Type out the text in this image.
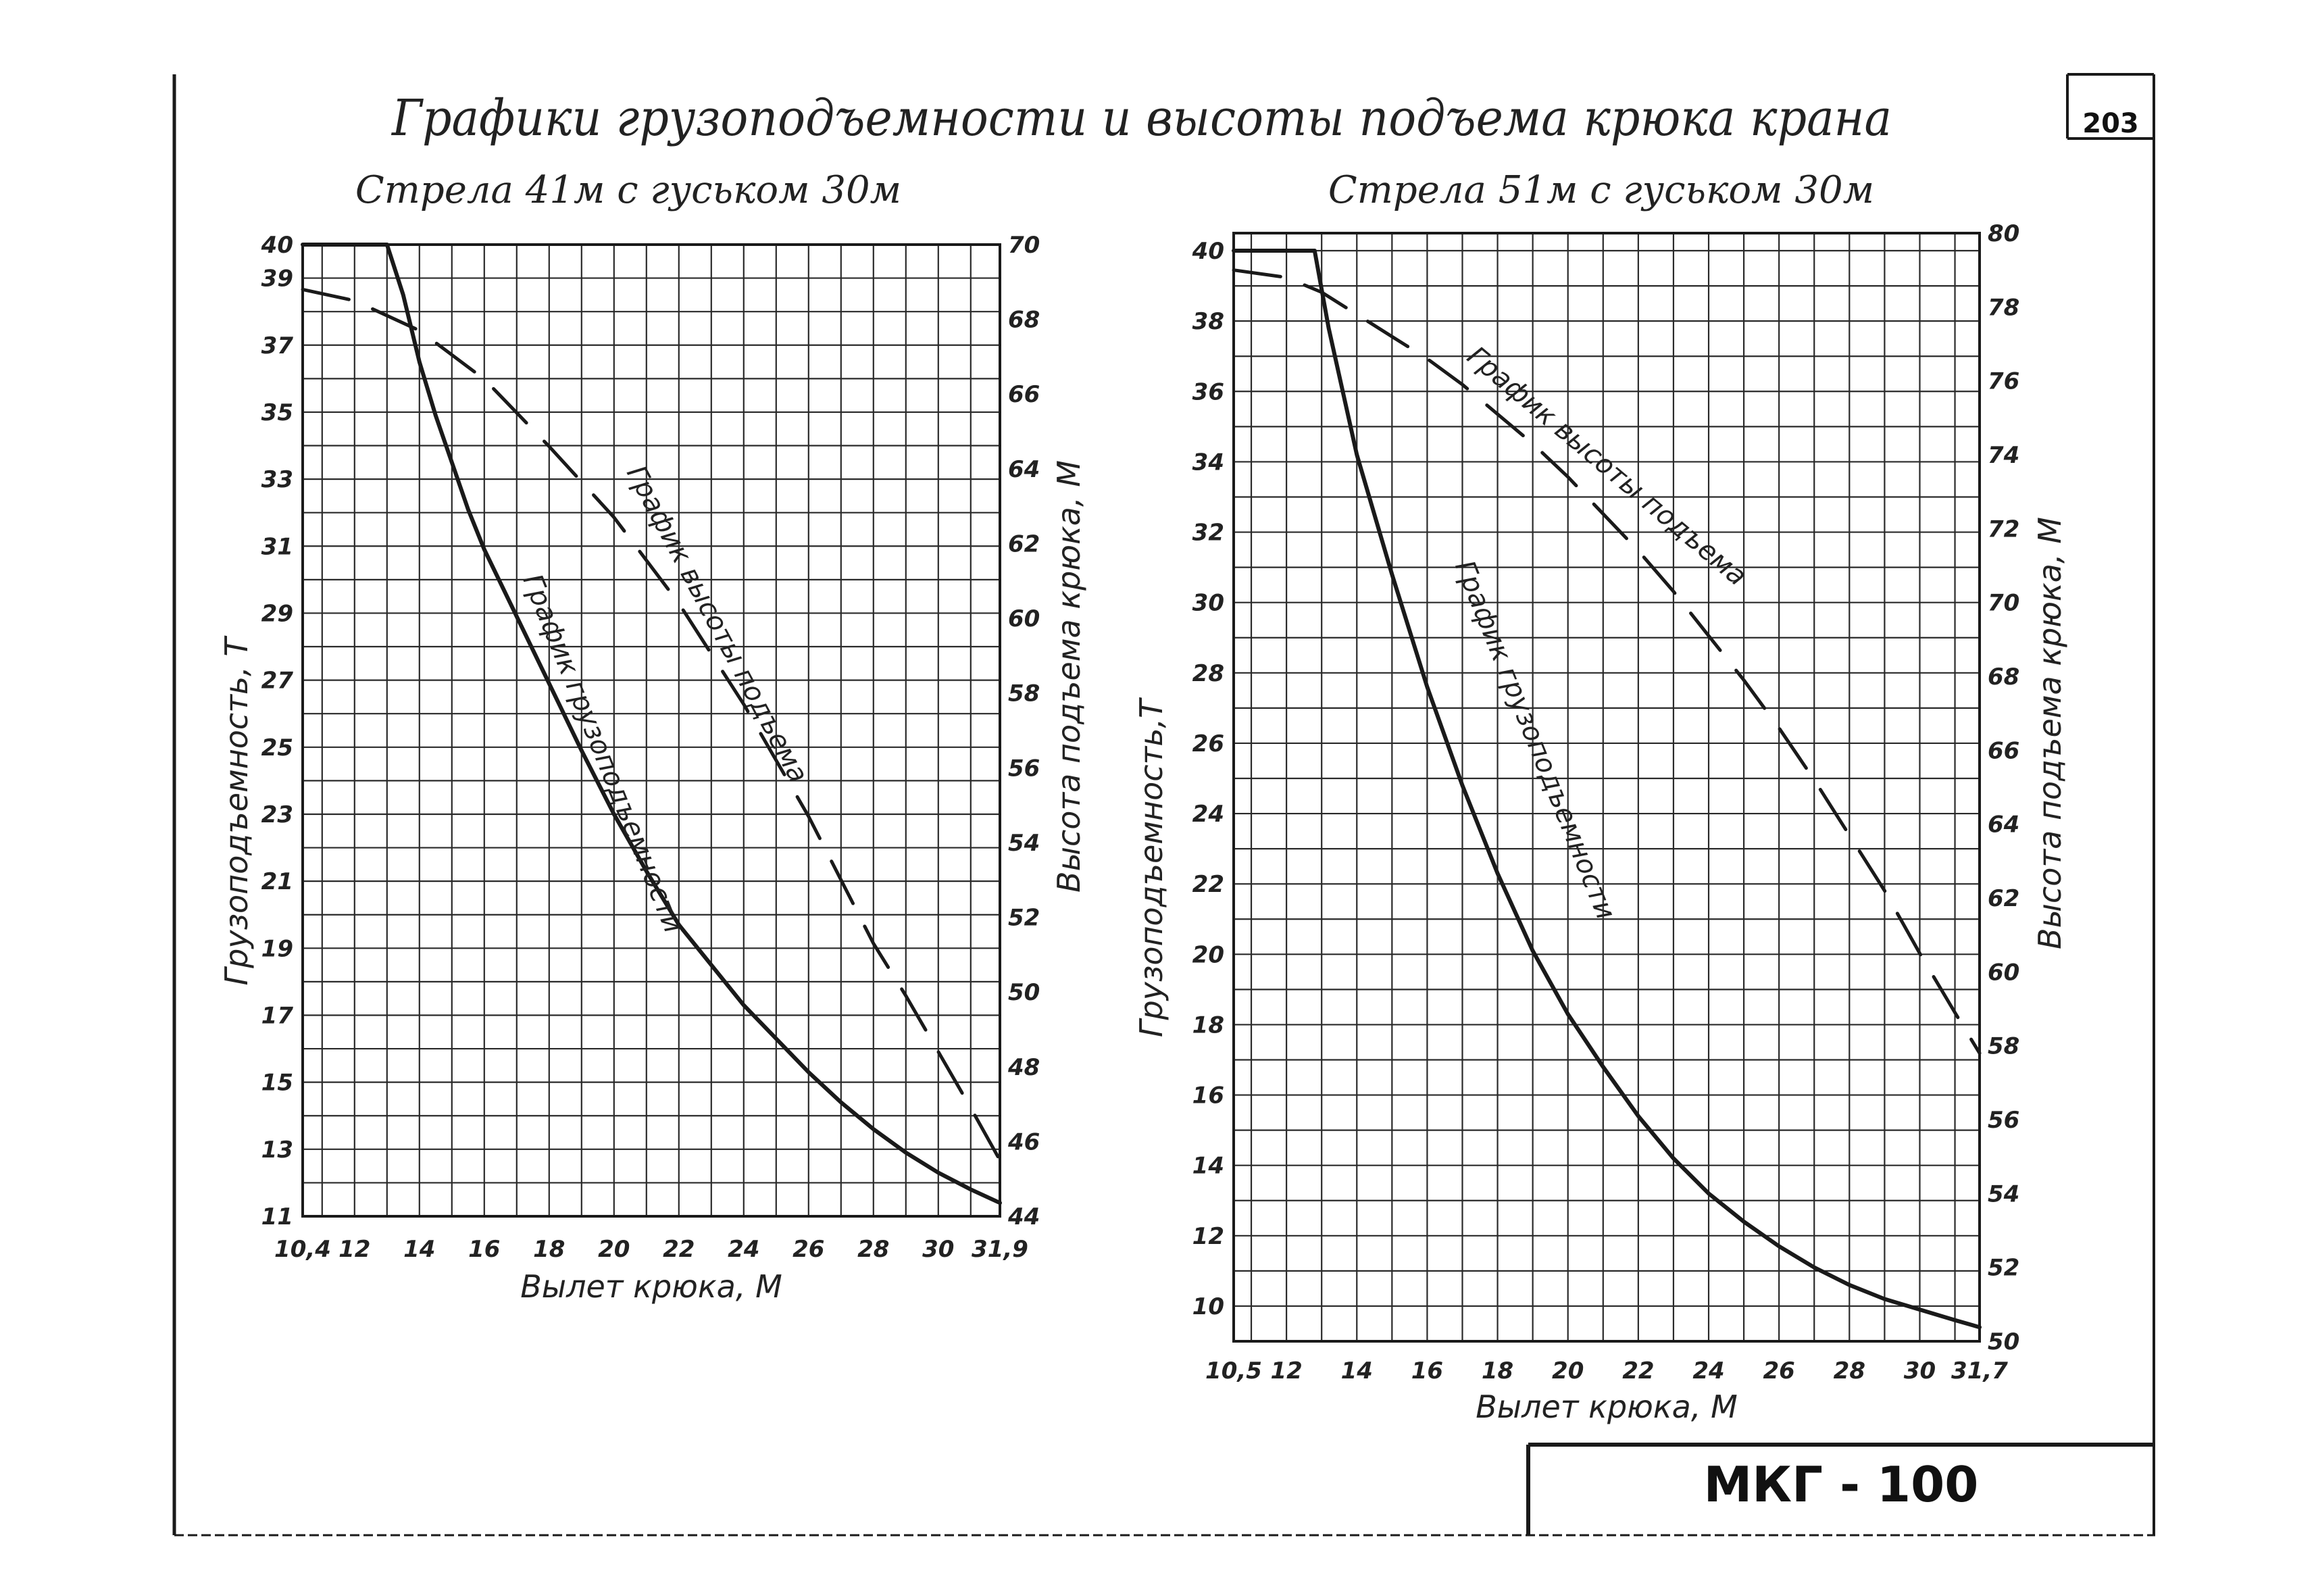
203
Графики грузоподъемности и высоты подъема крюка крана
МКГ - 100
10,4 12 14 16 18 20 22 24 26 28 30 31,9
11
13
15
17
19
21
23
25
27
29
31
33
35
37
39
40
44
46
48
50
52
54
56
58
60
62
64
66
68
70
Стрела 41м с гуськом 30м
Вылет крюка, М
Грузоподъемность, Т	Высота подъема крюка, М
График высоты подъема
График грузоподъемности
10,5 12 14 16 18 20 22 24 26 28 30 31,7
10
12
14
16
18
20
22
24
26
28
30
32
34
36
38
40
50
52
54
56
58
60
62
64
66
68
70
72
74
76
78
80
Стрела 51м с гуськом 30м
Вылет крюка, М
Грузоподъемность,Т	Высота подъема крюка, М
График высоты подъема
График грузоподъемности
